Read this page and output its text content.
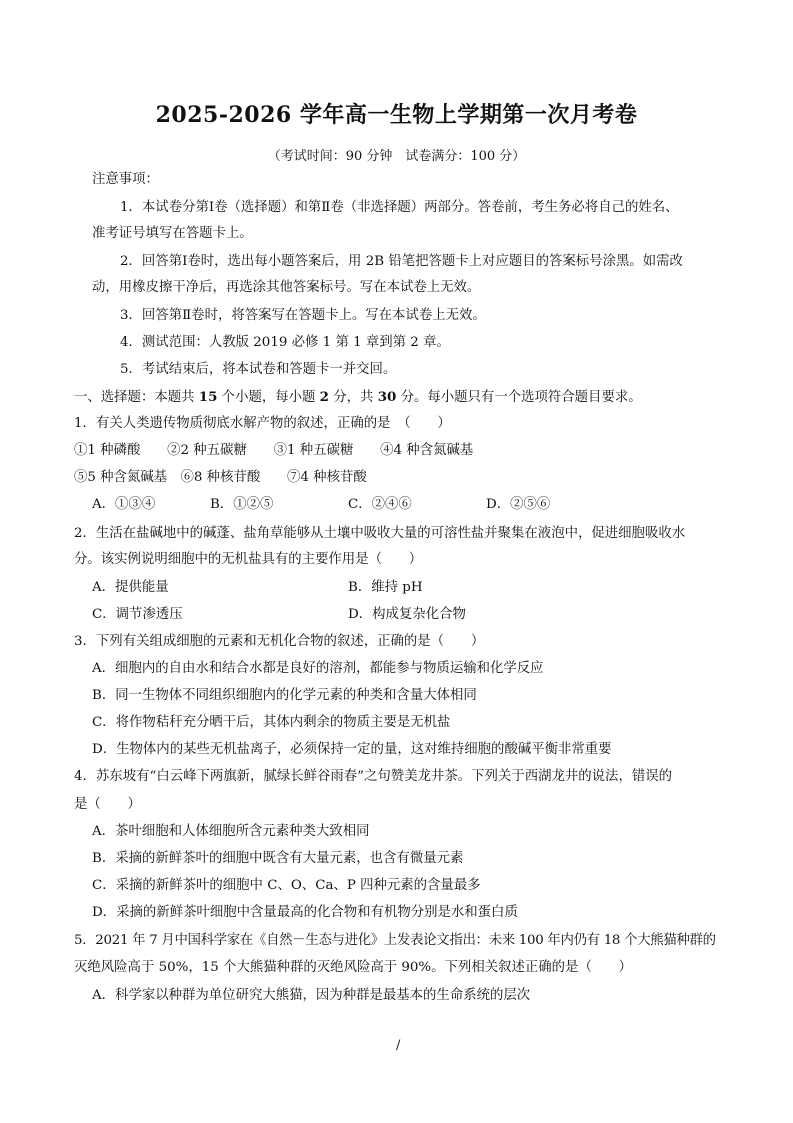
2025-2026 学年高一生物上学期第一次月考卷
（考试时间：90 分钟　试卷满分：100 分）
注意事项：
1．本试卷分第Ⅰ卷（选择题）和第Ⅱ卷（非选择题）两部分。答卷前，考生务必将自己的姓名、
准考证号填写在答题卡上。
2．回答第Ⅰ卷时，选出每小题答案后，用 2B 铅笔把答题卡上对应题目的答案标号涂黑。如需改
动，用橡皮擦干净后，再选涂其他答案标号。写在本试卷上无效。
3．回答第Ⅱ卷时，将答案写在答题卡上。写在本试卷上无效。
4．测试范围：人教版 2019 必修 1 第 1 章到第 2 章。
5．考试结束后，将本试卷和答题卡一并交回。
一、选择题：本题共 15 个小题，每小题 2 分，共 30 分。每小题只有一个选项符合题目要求。
1．有关人类遗传物质彻底水解产物的叙述，正确的是　（　　）
①1 种磷酸　　②2 种五碳糖　　③1 种五碳糖　　④4 种含氮碱基
⑤5 种含氮碱基　⑥8 种核苷酸　　⑦4 种核苷酸
A．①③④	B．①②⑤	C．②④⑥	D．②⑤⑥
2．生活在盐碱地中的碱蓬、盐角草能够从土壤中吸收大量的可溶性盐并聚集在液泡中，促进细胞吸收水
分。该实例说明细胞中的无机盐具有的主要作用是（　　）
A．提供能量	B．维持 pH
C．调节渗透压	D．构成复杂化合物
3．下列有关组成细胞的元素和无机化合物的叙述，正确的是（　　）
A．细胞内的自由水和结合水都是良好的溶剂，都能参与物质运输和化学反应
B．同一生物体不同组织细胞内的化学元素的种类和含量大体相同
C．将作物秸秆充分晒干后，其体内剩余的物质主要是无机盐
D．生物体内的某些无机盐离子，必须保持一定的量，这对维持细胞的酸碱平衡非常重要
4．苏东坡有“白云峰下两旗新，腻绿长鲜谷雨春”之句赞美龙井茶。下列关于西湖龙井的说法，错误的
是（　　）
A．茶叶细胞和人体细胞所含元素种类大致相同
B．采摘的新鲜茶叶的细胞中既含有大量元素，也含有微量元素
C．采摘的新鲜茶叶的细胞中 C、O、Ca、P 四种元素的含量最多
D．采摘的新鲜茶叶细胞中含量最高的化合物和有机物分别是水和蛋白质
5．2021 年 7 月中国科学家在《自然－生态与进化》上发表论文指出：未来 100 年内仍有 18 个大熊猫种群的
灭绝风险高于 50%，15 个大熊猫种群的灭绝风险高于 90%。下列相关叙述正确的是（　　）
A．科学家以种群为单位研究大熊猫，因为种群是最基本的生命系统的层次
/
